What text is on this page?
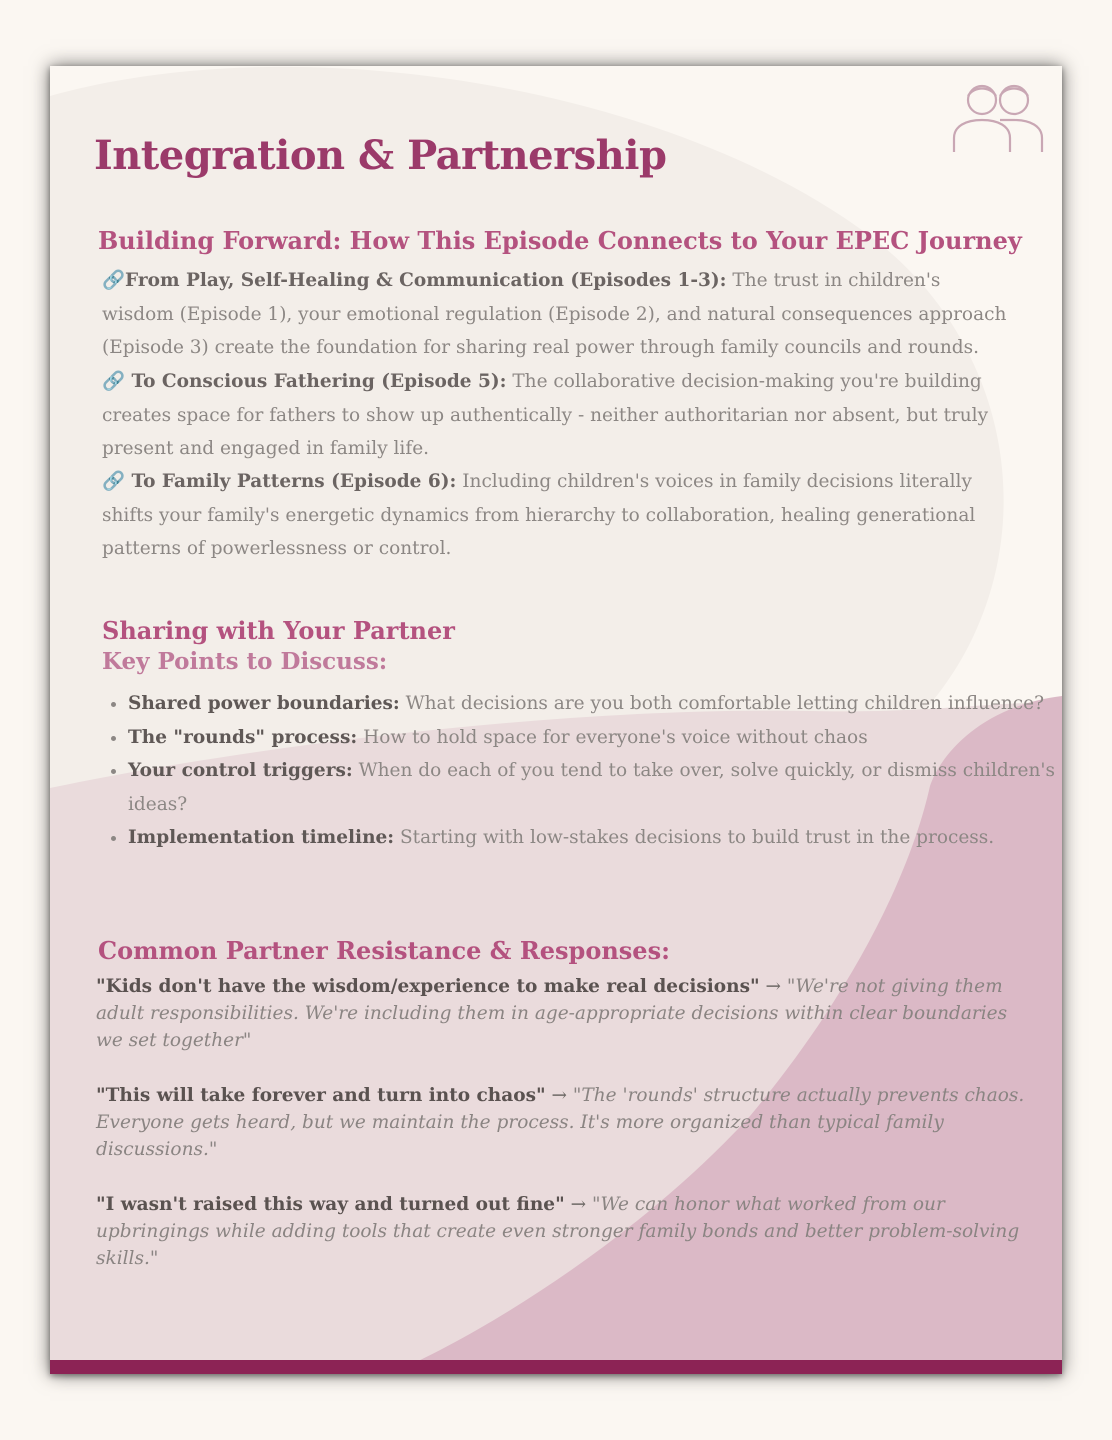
Integration & Partnership
Building Forward: How This Episode Connects to Your EPEC Journey

🔗From Play, Self-Healing & Communication (Episodes 1-3): The trust in children's wisdom (Episode 1), your emotional regulation (Episode 2), and natural consequences approach (Episode 3) create the foundation for sharing real power through family councils and rounds.

🔗 To Conscious Fathering (Episode 5): The collaborative decision-making you're building creates space for fathers to show up authentically - neither authoritarian nor absent, but truly present and engaged in family life.

🔗 To Family Patterns (Episode 6): Including children's voices in family decisions literally shifts your family's energetic dynamics from hierarchy to collaboration, healing generational patterns of powerlessness or control.

Sharing with Your Partner
Key Points to Discuss:
• Shared power boundaries: What decisions are you both comfortable letting children influence?
• The "rounds" process: How to hold space for everyone's voice without chaos
• Your control triggers: When do each of you tend to take over, solve quickly, or dismiss children's ideas?
• Implementation timeline: Starting with low-stakes decisions to build trust in the process.
Common Partner Resistance & Responses:

"Kids don't have the wisdom/experience to make real decisions" → "We're not giving them adult responsibilities. We're including them in age-appropriate decisions within clear boundaries we set together"

"This will take forever and turn into chaos" → "The 'rounds' structure actually prevents chaos. Everyone gets heard, but we maintain the process. It's more organized than typical family discussions."

"I wasn't raised this way and turned out fine" → "We can honor what worked from our upbringings while adding tools that create even stronger family bonds and better problem-solving skills."
